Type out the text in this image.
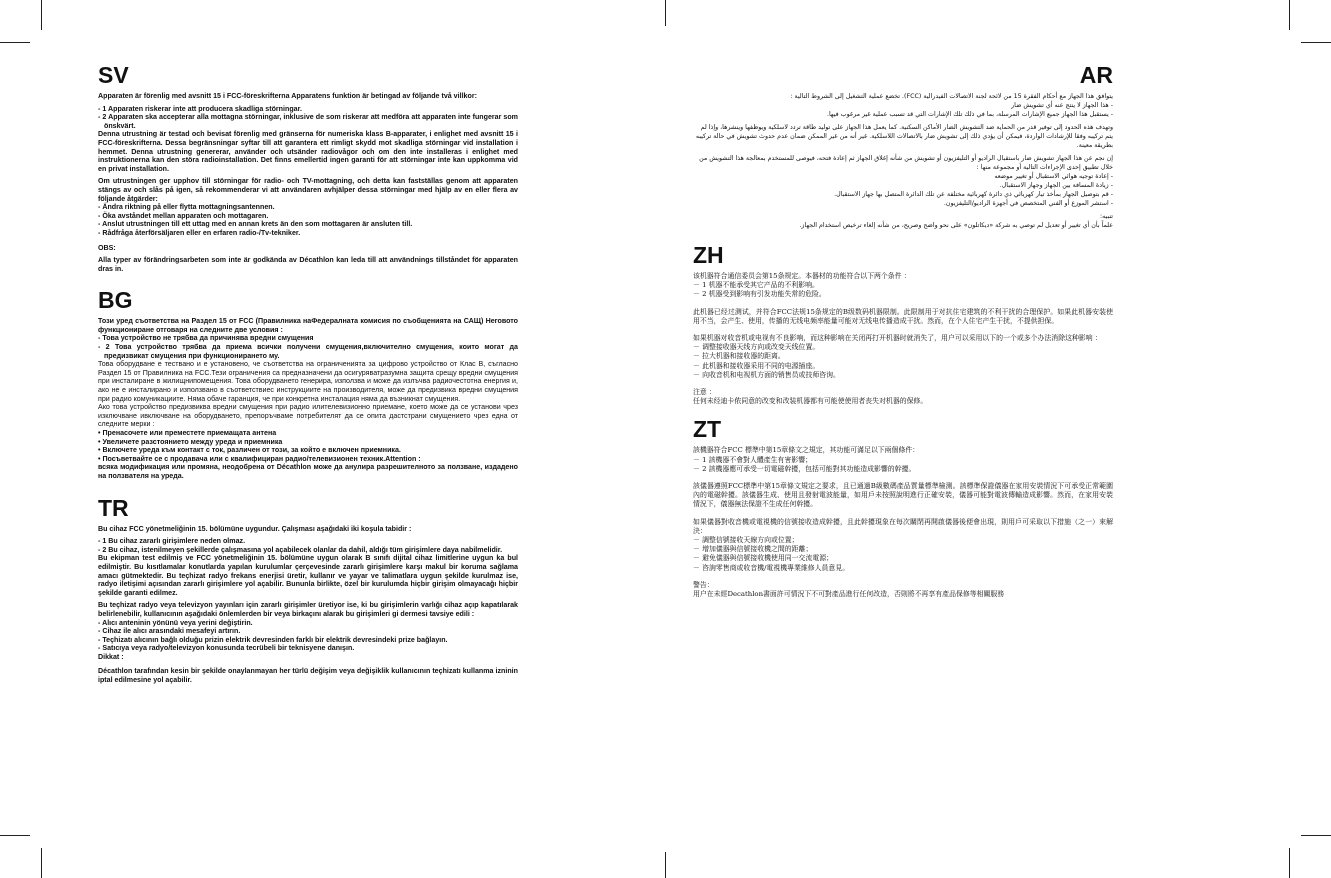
SV
Apparaten är förenlig med avsnitt 15 i FCC-föreskrifterna Apparatens funktion är betingad av följande två villkor:
- 1 Apparaten riskerar inte att producera skadliga störningar.
- 2 Apparaten ska accepterar alla mottagna störningar, inklusive de som riskerar att medföra att apparaten inte fungerar som önskvärt.
Denna utrustning är testad och bevisat förenlig med gränserna för numeriska klass B-apparater, i enlighet med avsnitt 15 i FCC-föreskrifterna. Dessa begränsningar syftar till att garantera ett rimligt skydd mot skadliga störningar vid installation i hemmet. Denna utrustning genererar, använder och utsänder radiovågor och om den inte installeras i enlighet med instruktionerna kan den störa radioinstallation. Det finns emellertid ingen garanti för att störningar inte kan uppkomma vid en privat installation.
Om utrustningen ger upphov till störningar för radio- och TV-mottagning, och detta kan fastställas genom att apparaten stängs av och slås på igen, så rekommenderar vi att användaren avhjälper dessa störningar med hjälp av en eller flera av följande åtgärder:
- Ändra riktning på eller flytta mottagningsantennen.
- Öka avståndet mellan apparaten och mottagaren.
- Anslut utrustningen till ett uttag med en annan krets än den som mottagaren är ansluten till.
- Rådfråga återförsäljaren eller en erfaren radio-/Tv-tekniker.
OBS:
Alla typer av förändringsarbeten som inte är godkända av Décathlon kan leda till att användnings tillståndet för apparaten dras in.
BG
Този уред съответства на Раздел 15 от FCC (Правилника наФедералната комисия по съобщенията на САЩ) Неговото функциониране отговаря на следните две условия :
- Това устройство не трябва да причинява вредни смущения
- 2 Това устройство трябва да приема всички получени смущения,включително смущения, които могат да предизвикат смущения при функционирането му.
Това оборудване е тествано и е установено, че съответства на ограниченията за цифрово устройство от Клас B, съгласно Раздел 15 от Правилника на FCC.Тези ограничения са предназначени да осигуряватразумна защита срещу вредни смущения при инсталиране в жилищнипомещения. Това оборудването генерира, използва и може да излъчва радиочестотна енергия и, ако не е инсталирано и използвано в съответствиес инструкциите на производителя, може да предизвика вредни смущения при радио комуникациите. Няма обаче гаранция, че при конкретна инсталация няма да възникнат смущения.
Ако това устройство предизвиква вредни смущения при радио илителевизионно приемане, което може да се установи чрез изключване ивключване на оборудването, препоръчваме потребителят да се опита дастстрани смущението чрез една от следните мерки :
• Пренасочете или преместете приемащата антена
• Увеличете разстоянието между уреда и приемника
• Включете уреда към контакт с ток, различен от този, за който е включен приемника.
• Посъветвайте се с продавача или с квалифициран радио/телевизионен техник.Attention :
всяка модификация или промяна, неодобрена от Décathlon може да анулира разрешителното за ползване, издадено на ползвателя на уреда.
TR
Bu cihaz FCC yönetmeliğinin 15. bölümüne uygundur. Çalışması aşağıdaki iki koşula tabidir :
- 1 Bu cihaz zararlı girişimlere neden olmaz.
- 2 Bu cihaz, istenilmeyen şekillerde çalışmasına yol açabilecek olanlar da dahil, aldığı tüm girişimlere daya nabilmelidir.
Bu ekipman test edilmiş ve FCC yönetmeliğinin 15. bölümüne uygun olarak B sınıfı dijital cihaz limitlerine uygun ka bul edilmiştir. Bu kısıtlamalar konutlarda yapılan kurulumlar çerçevesinde zararlı girişimlere karşı makul bir koruma sağlama amacı gütmektedir. Bu teçhizat radyo frekans enerjisi üretir, kullanır ve yayar ve talimatlara uygun şekilde kurulmaz ise, radyo iletişimi açısından zararlı girişimlere yol açabilir. Bununla birlikte, özel bir kurulumda hiçbir girişim olmayacağı hiçbir şekilde garanti edilmez.
Bu teçhizat radyo veya televizyon yayınları için zararlı girişimler üretiyor ise, ki bu girişimlerin varlığı cihaz açıp kapatılarak belirlenebilir, kullanıcının aşağıdaki önlemlerden bir veya birkaçını alarak bu girişimleri gi dermesi tavsiye edili :
- Alıcı anteninin yönünü veya yerini değiştirin.
- Cihaz ile alıcı arasındaki mesafeyi artırın.
- Teçhizatı alıcının bağlı olduğu prizin elektrik devresinden farklı bir elektrik devresindeki prize bağlayın.
- Satıcıya veya radyo/televizyon konusunda tecrübeli bir teknisyene danışın.
Dikkat :
Décathlon tarafından kesin bir şekilde onaylanmayan her türlü değişim veya değişiklik kullanıcının teçhizatı kullanma izninin iptal edilmesine yol açabilir.
AR
يتوافق هذا الجهاز مع أحكام الفقرة 15 من لائحة لجنة الاتصالات الفيدرالية (FCC). تخضع عملية التشغيل إلى الشروط التالية :
- هذا الجهاز لا ينتج عنه أي تشويش ضار
- يستقبل هذا الجهاز جميع الإشارات المرسلة، بما في ذلك تلك الإشارات التي قد تسبب عملية غير مرغوب فيها.
وتهدف هذه الحدود إلى توفير قدر من الحماية ضد التشويش الضار الأماكن السكنية. كما يعمل هذا الجهاز على توليد طاقة تردد لاسلكية ويوظفها وينشرها، وإذا لم يتم تركيبه وفقا للإرشادات الواردة، فيمكن أن يؤدي ذلك إلى تشويش ضار بالاتصالات اللاسلكية. غير أنه من غير الممكن ضمان عدم حدوث تشويش في حالة تركيبه بطريقة معينة.
إن نجم عن هذا الجهاز تشويش ضار باستقبال الراديو أو التليفزيون أو تشويش من شأنه إغلاق الجهاز ثم إعادة فتحه، فيوصى للمستخدم بمعالجة هذا التشويش من خلال تطبيق إحدى الإجراءات التالية أو مجموعة منها :
- إعادة توجيه هوائي الاستقبال أو تغيير موضعه
- زيادة المسافة بين الجهاز وجهاز الاستقبال.
- قم بتوصيل الجهاز بمأخذ تيار كهربائي ذي دائرة كهربائية مختلفة عن تلك الدائرة المتصل بها جهاز الاستقبال.
- استشر الموزع أو الفني المتخصص في أجهزة الراديو/التليفزيون.
تنبيه:
علماً بأن أي تغيير أو تعديل لم توصي به شركة «ديكاتلون» على نحو واضح وصريح، من شأنه إلغاء ترخيص استخدام الجهاز.
ZH
该机器符合通信委员会第15条规定。本器材的功能符合以下两个条件 ：
－ 1 机器不能承受其它产品的不利影响。
－ 2 机器受到影响有引发功能失常的危险。
此机器已经过测试，并符合FCC法规15条规定的B级数码机器限制。此限制用于对抗住宅建筑的不利干扰的合理保护。如果此机器安装使用不当，会产生、使用，传播的无线电频率能量可能对无线电传播造成干扰。然而，在个人住宅产生干扰，不提供担保。
如果机器对收音机或电视有不良影响，而这种影响在关闭再打开机器时就消失了，用户可以采用以下的一个或多个办法消除这种影响 ：
－ 调整接收器天线方向或改变天线位置。
－ 拉大机器和接收器的距离。
－ 此机器和接收器采用不同的电源插座。
－ 向收音机和电视机方面的销售员或技师咨询。
注意 ：
任何未经迪卡侬同意的改变和改装机器都有可能使使用者丧失对机器的保修。
ZT
該機器符合FCC 標準中第15章條文之規定，其功能可滿足以下兩個條件：
－ 1 該機器不會對人體產生有害影響；
－ 2 該機器應可承受一切電磁幹擾，包括可能對其功能造成影響的幹擾。
該儀器遵照FCC標準中第15章條文規定之要求，且已通過B級數碼產品質量標準檢測。該標準保證儀器在家用安裝情況下可承受正常範圍內的電磁幹擾。該儀器生成、使用且發射電波能量，如用戶未按照說明進行正確安裝，儀器可能對電波傳輸造成影響。然而，在家用安裝情況下，儀器無法保證不生成任何幹擾。
如果儀器對收音機或電視機的信號接收造成幹擾，且此幹擾現象在每次關閉再開啟儀器後便會出現，則用戶可采取以下措施（之一）來解決：
－ 調整信號接收天線方向或位置；
－ 增加儀器與信號接收機之間的距離；
－ 避免儀器與信號接收機使用同一交流電源；
－ 咨詢零售商或收音機/電視機專業維修人員意見。
警告：
用户在未經Decathlon書面許可情況下不可對產品進行任何改造，否則將不再享有產品保修等相關服務
